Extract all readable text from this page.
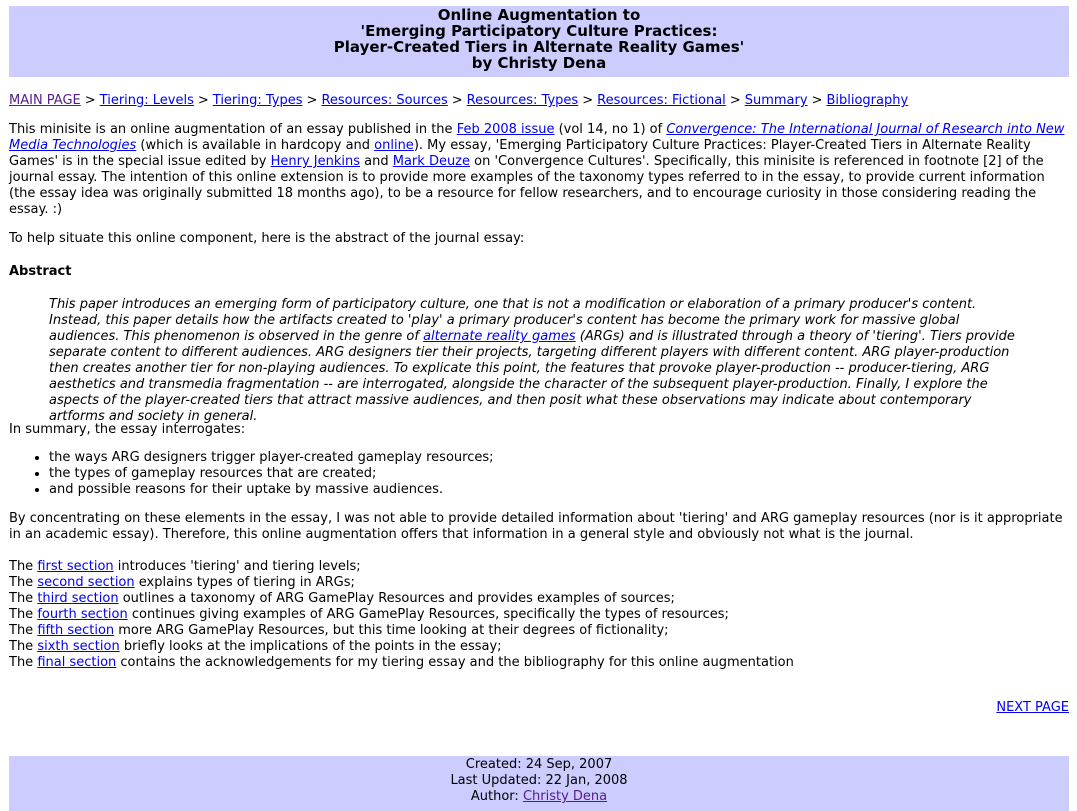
Online Augmentation to
'Emerging Participatory Culture Practices:
Player-Created Tiers in Alternate Reality Games'
by Christy Dena
MAIN PAGE > Tiering: Levels > Tiering: Types > Resources: Sources > Resources: Types > Resources: Fictional > Summary > Bibliography
This minisite is an online augmentation of an essay published in the Feb 2008 issue (vol 14, no 1) of Convergence: The International Journal of Research into New Media Technologies (which is available in hardcopy and online). My essay, 'Emerging Participatory Culture Practices: Player-Created Tiers in Alternate Reality Games' is in the special issue edited by Henry Jenkins and Mark Deuze on 'Convergence Cultures'. Specifically, this minisite is referenced in footnote [2] of the journal essay. The intention of this online extension is to provide more examples of the taxonomy types referred to in the essay, to provide current information (the essay idea was originally submitted 18 months ago), to be a resource for fellow researchers, and to encourage curiosity in those considering reading the essay. :)
To help situate this online component, here is the abstract of the journal essay:
Abstract
This paper introduces an emerging form of participatory culture, one that is not a modification or elaboration of a primary producer's content. Instead, this paper details how the artifacts created to 'play' a primary producer's content has become the primary work for massive global audiences. This phenomenon is observed in the genre of alternate reality games (ARGs) and is illustrated through a theory of 'tiering'. Tiers provide separate content to different audiences. ARG designers tier their projects, targeting different players with different content. ARG player-production then creates another tier for non-playing audiences. To explicate this point, the features that provoke player-production -- producer-tiering, ARG aesthetics and transmedia fragmentation -- are interrogated, alongside the character of the subsequent player-production. Finally, I explore the aspects of the player-created tiers that attract massive audiences, and then posit what these observations may indicate about contemporary artforms and society in general.
In summary, the essay interrogates:
• the ways ARG designers trigger player-created gameplay resources;
• the types of gameplay resources that are created;
• and possible reasons for their uptake by massive audiences.
By concentrating on these elements in the essay, I was not able to provide detailed information about 'tiering' and ARG gameplay resources (nor is it appropriate in an academic essay). Therefore, this online augmentation offers that information in a general style and obviously not what is the journal.
The first section introduces 'tiering' and tiering levels;
The second section explains types of tiering in ARGs;
The third section outlines a taxonomy of ARG GamePlay Resources and provides examples of sources;
The fourth section continues giving examples of ARG GamePlay Resources, specifically the types of resources;
The fifth section more ARG GamePlay Resources, but this time looking at their degrees of fictionality;
The sixth section briefly looks at the implications of the points in the essay;
The final section contains the acknowledgements for my tiering essay and the bibliography for this online augmentation
NEXT PAGE
Created: 24 Sep, 2007
Last Updated: 22 Jan, 2008
Author: Christy Dena
